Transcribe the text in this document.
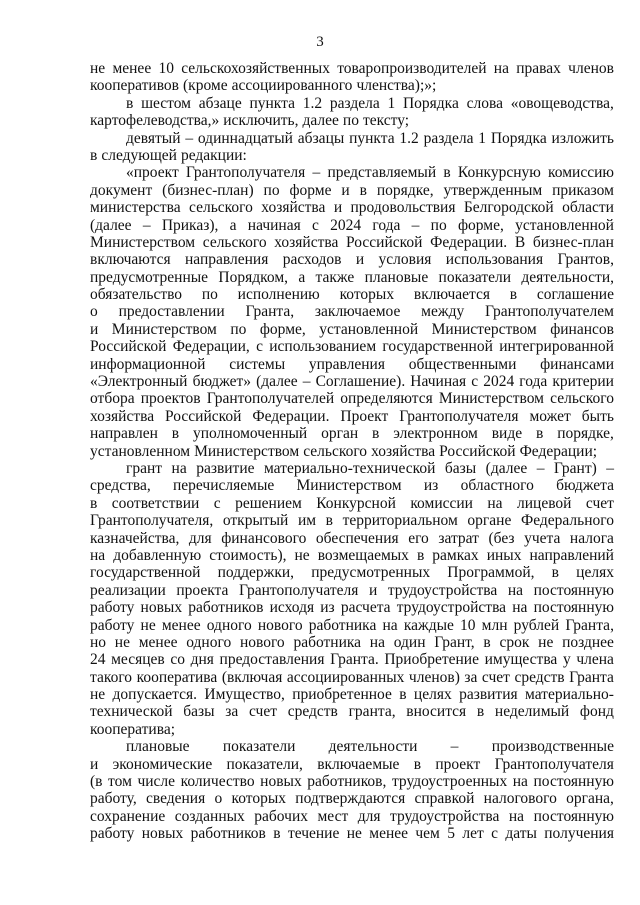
3
не менее 10 сельскохозяйственных товаропроизводителей на правах членов
кооперативов (кроме ассоциированного членства);»;
в шестом абзаце пункта 1.2 раздела 1 Порядка слова «овощеводства,
картофелеводства,» исключить, далее по тексту;
девятый – одиннадцатый абзацы пункта 1.2 раздела 1 Порядка изложить
в следующей редакции:
«проект Грантополучателя – представляемый в Конкурсную комиссию
документ (бизнес-план) по форме и в порядке, утвержденным приказом
министерства сельского хозяйства и продовольствия Белгородской области
(далее – Приказ), а начиная с 2024 года – по форме, установленной
Министерством сельского хозяйства Российской Федерации. В бизнес-план
включаются направления расходов и условия использования Грантов,
предусмотренные Порядком, а также плановые показатели деятельности,
обязательство по исполнению которых включается в соглашение
о предоставлении Гранта, заключаемое между Грантополучателем
и Министерством по форме, установленной Министерством финансов
Российской Федерации, с использованием государственной интегрированной
информационной системы управления общественными финансами
«Электронный бюджет» (далее – Соглашение). Начиная с 2024 года критерии
отбора проектов Грантополучателей определяются Министерством сельского
хозяйства Российской Федерации. Проект Грантополучателя может быть
направлен в уполномоченный орган в электронном виде в порядке,
установленном Министерством сельского хозяйства Российской Федерации;
грант на развитие материально-технической базы (далее – Грант) –
средства, перечисляемые Министерством из областного бюджета
в соответствии с решением Конкурсной комиссии на лицевой счет
Грантополучателя, открытый им в территориальном органе Федерального
казначейства, для финансового обеспечения его затрат (без учета налога
на добавленную стоимость), не возмещаемых в рамках иных направлений
государственной поддержки, предусмотренных Программой, в целях
реализации проекта Грантополучателя и трудоустройства на постоянную
работу новых работников исходя из расчета трудоустройства на постоянную
работу не менее одного нового работника на каждые 10 млн рублей Гранта,
но не менее одного нового работника на один Грант, в срок не позднее
24 месяцев со дня предоставления Гранта. Приобретение имущества у члена
такого кооператива (включая ассоциированных членов) за счет средств Гранта
не допускается. Имущество, приобретенное в целях развития материально-
технической базы за счет средств гранта, вносится в неделимый фонд
кооператива;
плановые показатели деятельности – производственные
и экономические показатели, включаемые в проект Грантополучателя
(в том числе количество новых работников, трудоустроенных на постоянную
работу, сведения о которых подтверждаются справкой налогового органа,
сохранение созданных рабочих мест для трудоустройства на постоянную
работу новых работников в течение не менее чем 5 лет с даты получения
